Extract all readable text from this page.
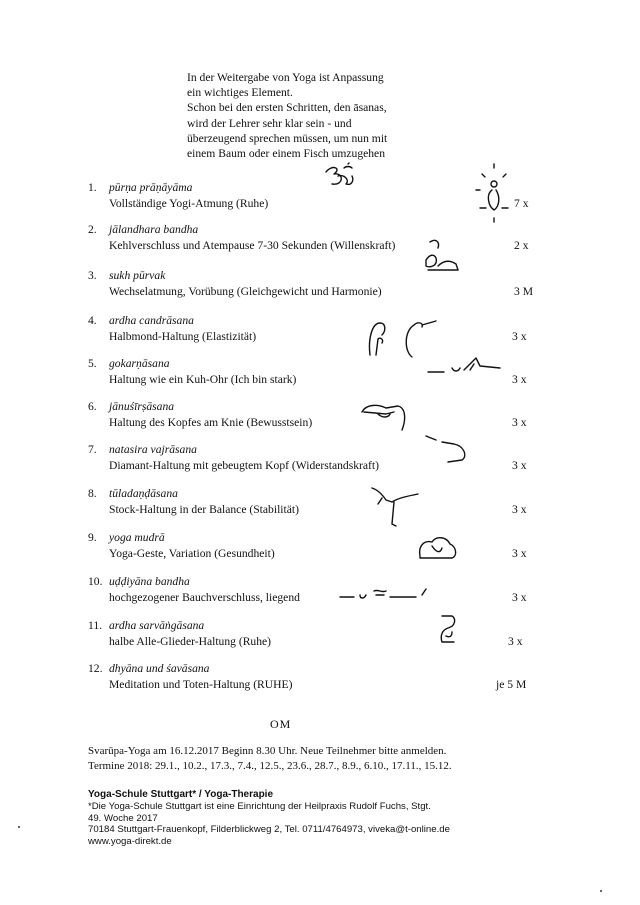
In der Weitergabe von Yoga ist Anpassung
ein wichtiges Element.
Schon bei den ersten Schritten, den āsanas,
wird der Lehrer sehr klar sein - und
überzeugend sprechen müssen, um nun mit
einem Baum oder einem Fisch umzugehen
1.	pūrṇa prāṇāyāma
Vollständige Yogi-Atmung (Ruhe)	7 x
2.	jālandhara bandha
Kehlverschluss und Atempause 7-30 Sekunden (Willenskraft)	2 x
3.	sukh pūrvak
Wechselatmung, Vorübung (Gleichgewicht und Harmonie)	3 M
4.	ardha candrāsana
Halbmond-Haltung (Elastizität)	3 x
5.	gokarṇāsana
Haltung wie ein Kuh-Ohr (Ich bin stark)	3 x
6.	jānuśīrṣāsana
Haltung des Kopfes am Knie (Bewusstsein)	3 x
7.	natasira vajrāsana
Diamant-Haltung mit gebeugtem Kopf (Widerstandskraft)	3 x
8.	tūladaṇḍāsana
Stock-Haltung in der Balance (Stabilität)	3 x
9.	yoga mudrā
Yoga-Geste, Variation (Gesundheit)	3 x
10. uḍḍiyāna bandha
hochgezogener Bauchverschluss, liegend	3 x
11. ardha sarvāṅgāsana
halbe Alle-Glieder-Haltung (Ruhe)	3 x
12. dhyāna und śavāsana
Meditation und Toten-Haltung (RUHE)	je 5 M
OM
Svarūpa-Yoga am 16.12.2017 Beginn 8.30 Uhr. Neue Teilnehmer bitte anmelden.
Termine 2018: 29.1., 10.2., 17.3., 7.4., 12.5., 23.6., 28.7., 8.9., 6.10., 17.11., 15.12.
Yoga-Schule Stuttgart* / Yoga-Therapie
*Die Yoga-Schule Stuttgart ist eine Einrichtung der Heilpraxis Rudolf Fuchs, Stgt.
49. Woche 2017
70184 Stuttgart-Frauenkopf, Filderblickweg 2, Tel. 0711/4764973, viveka@t-online.de
www.yoga-direkt.de
